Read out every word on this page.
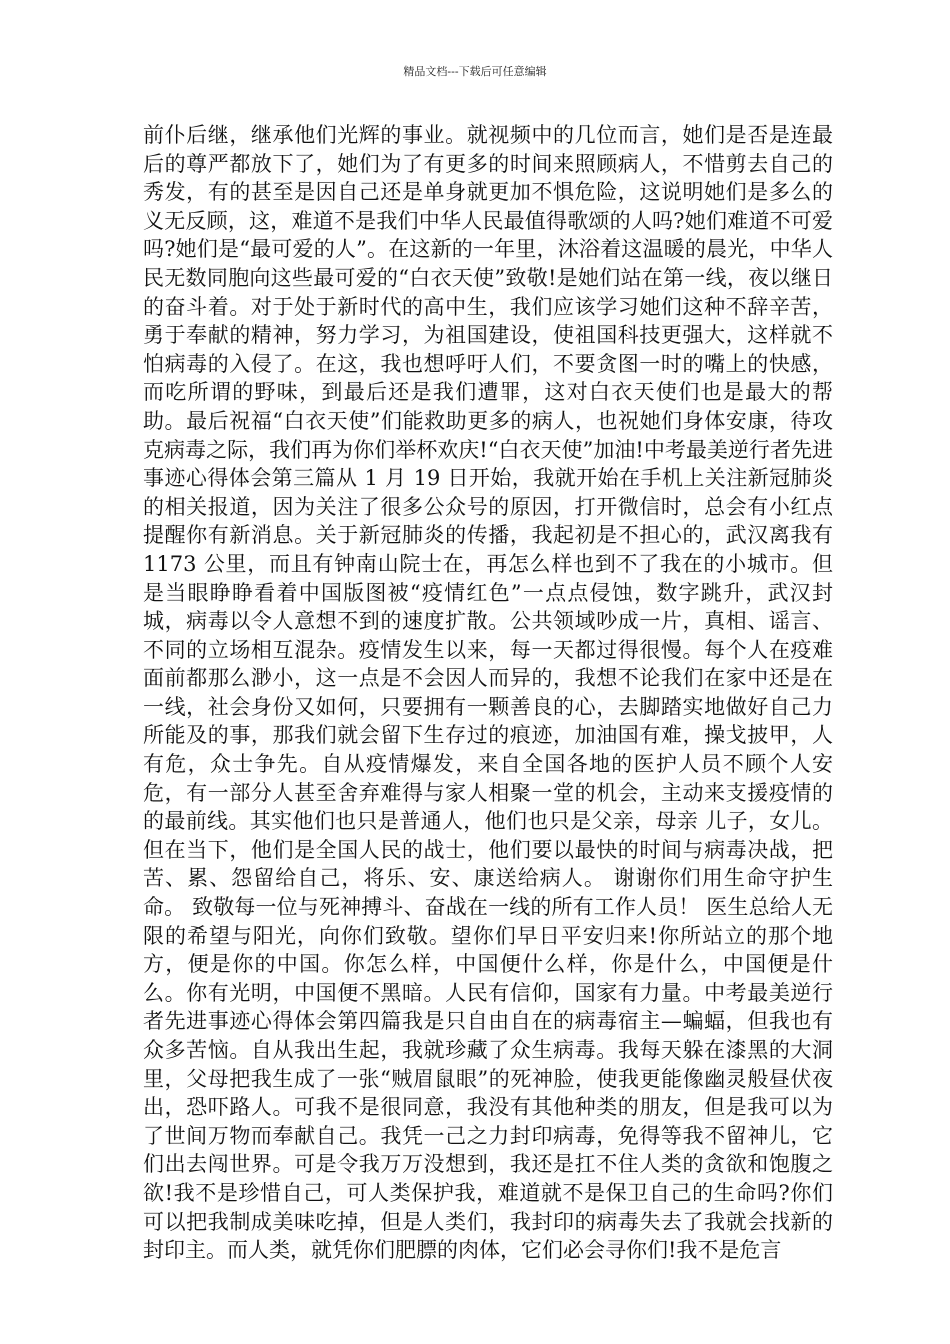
精品文档---下载后可任意编辑

前仆后继，继承他们光辉的事业。就视频中的几位而言，她们是否是连最后的尊严都放下了，她们为了有更多的时间来照顾病人，不惜剪去自己的秀发，有的甚至是因自己还是单身就更加不惧危险，这说明她们是多么的义无反顾，这，难道不是我们中华人民最值得歌颂的人吗?她们难道不可爱吗?她们是“最可爱的人”。在这新的一年里，沐浴着这温暖的晨光，中华人民无数同胞向这些最可爱的“白衣天使”致敬!是她们站在第一线，夜以继日的奋斗着。对于处于新时代的高中生，我们应该学习她们这种不辞辛苦，勇于奉献的精神，努力学习，为祖国建设，使祖国科技更强大，这样就不怕病毒的入侵了。在这，我也想呼吁人们，不要贪图一时的嘴上的快感，而吃所谓的野味，到最后还是我们遭罪，这对白衣天使们也是最大的帮助。最后祝福“白衣天使”们能救助更多的病人，也祝她们身体安康，待攻克病毒之际，我们再为你们举杯欢庆!“白衣天使”加油!中考最美逆行者先进事迹心得体会第三篇从 1 月 19 日开始，我就开始在手机上关注新冠肺炎的相关报道，因为关注了很多公众号的原因，打开微信时，总会有小红点提醒你有新消息。关于新冠肺炎的传播，我起初是不担心的，武汉离我有 1173 公里，而且有钟南山院士在，再怎么样也到不了我在的小城市。但是当眼睁睁看着中国版图被“疫情红色”一点点侵蚀，数字跳升，武汉封城，病毒以令人意想不到的速度扩散。公共领域吵成一片，真相、谣言、不同的立场相互混杂。疫情发生以来，每一天都过得很慢。每个人在疫难面前都那么渺小，这一点是不会因人而异的，我想不论我们在家中还是在一线，社会身份又如何，只要拥有一颗善良的心，去脚踏实地做好自己力所能及的事，那我们就会留下生存过的痕迹，加油国有难，操戈披甲，人有危，众士争先。自从疫情爆发，来自全国各地的医护人员不顾个人安危，有一部分人甚至舍弃难得与家人相聚一堂的机会，主动来支援疫情的的最前线。其实他们也只是普通人，他们也只是父亲，母亲 儿子，女儿。但在当下，他们是全国人民的战士，他们要以最快的时间与病毒决战，把苦、累、怨留给自己，将乐、安、康送给病人。 谢谢你们用生命守护生命。 致敬每一位与死神搏斗、奋战在一线的所有工作人员！ 医生总给人无限的希望与阳光，向你们致敬。望你们早日平安归来!你所站立的那个地方，便是你的中国。你怎么样，中国便什么样，你是什么，中国便是什么。你有光明，中国便不黑暗。人民有信仰，国家有力量。中考最美逆行者先进事迹心得体会第四篇我是只自由自在的病毒宿主—蝙蝠，但我也有众多苦恼。自从我出生起，我就珍藏了众生病毒。我每天躲在漆黑的大洞里，父母把我生成了一张“贼眉鼠眼”的死神脸，使我更能像幽灵般昼伏夜出，恐吓路人。可我不是很同意，我没有其他种类的朋友，但是我可以为了世间万物而奉献自己。我凭一己之力封印病毒，免得等我不留神儿，它们出去闯世界。可是令我万万没想到，我还是扛不住人类的贪欲和饱腹之欲!我不是珍惜自己，可人类保护我，难道就不是保卫自己的生命吗?你们可以把我制成美味吃掉，但是人类们，我封印的病毒失去了我就会找新的封印主。而人类，就凭你们肥膘的肉体，它们必会寻你们!我不是危言
